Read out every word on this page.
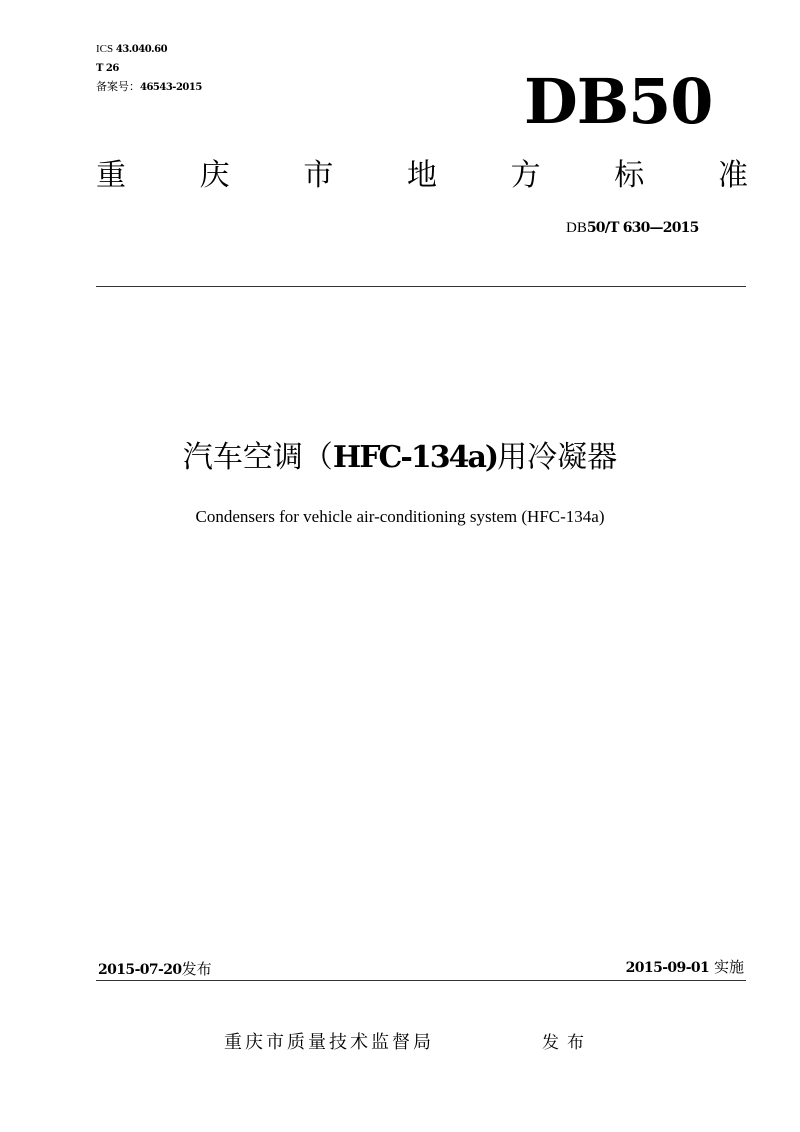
ICS 43.040.60
T 26
备案号：46543-2015	DB50
重 庆 市 地 方 标 准
DB50/T 630—2015
汽车空调（HFC-134a)用冷凝器
Condensers for vehicle air-conditioning system (HFC-134a)
2015-07-20发布	2015-09-01 实施
重庆市质量技术监督局	发布
